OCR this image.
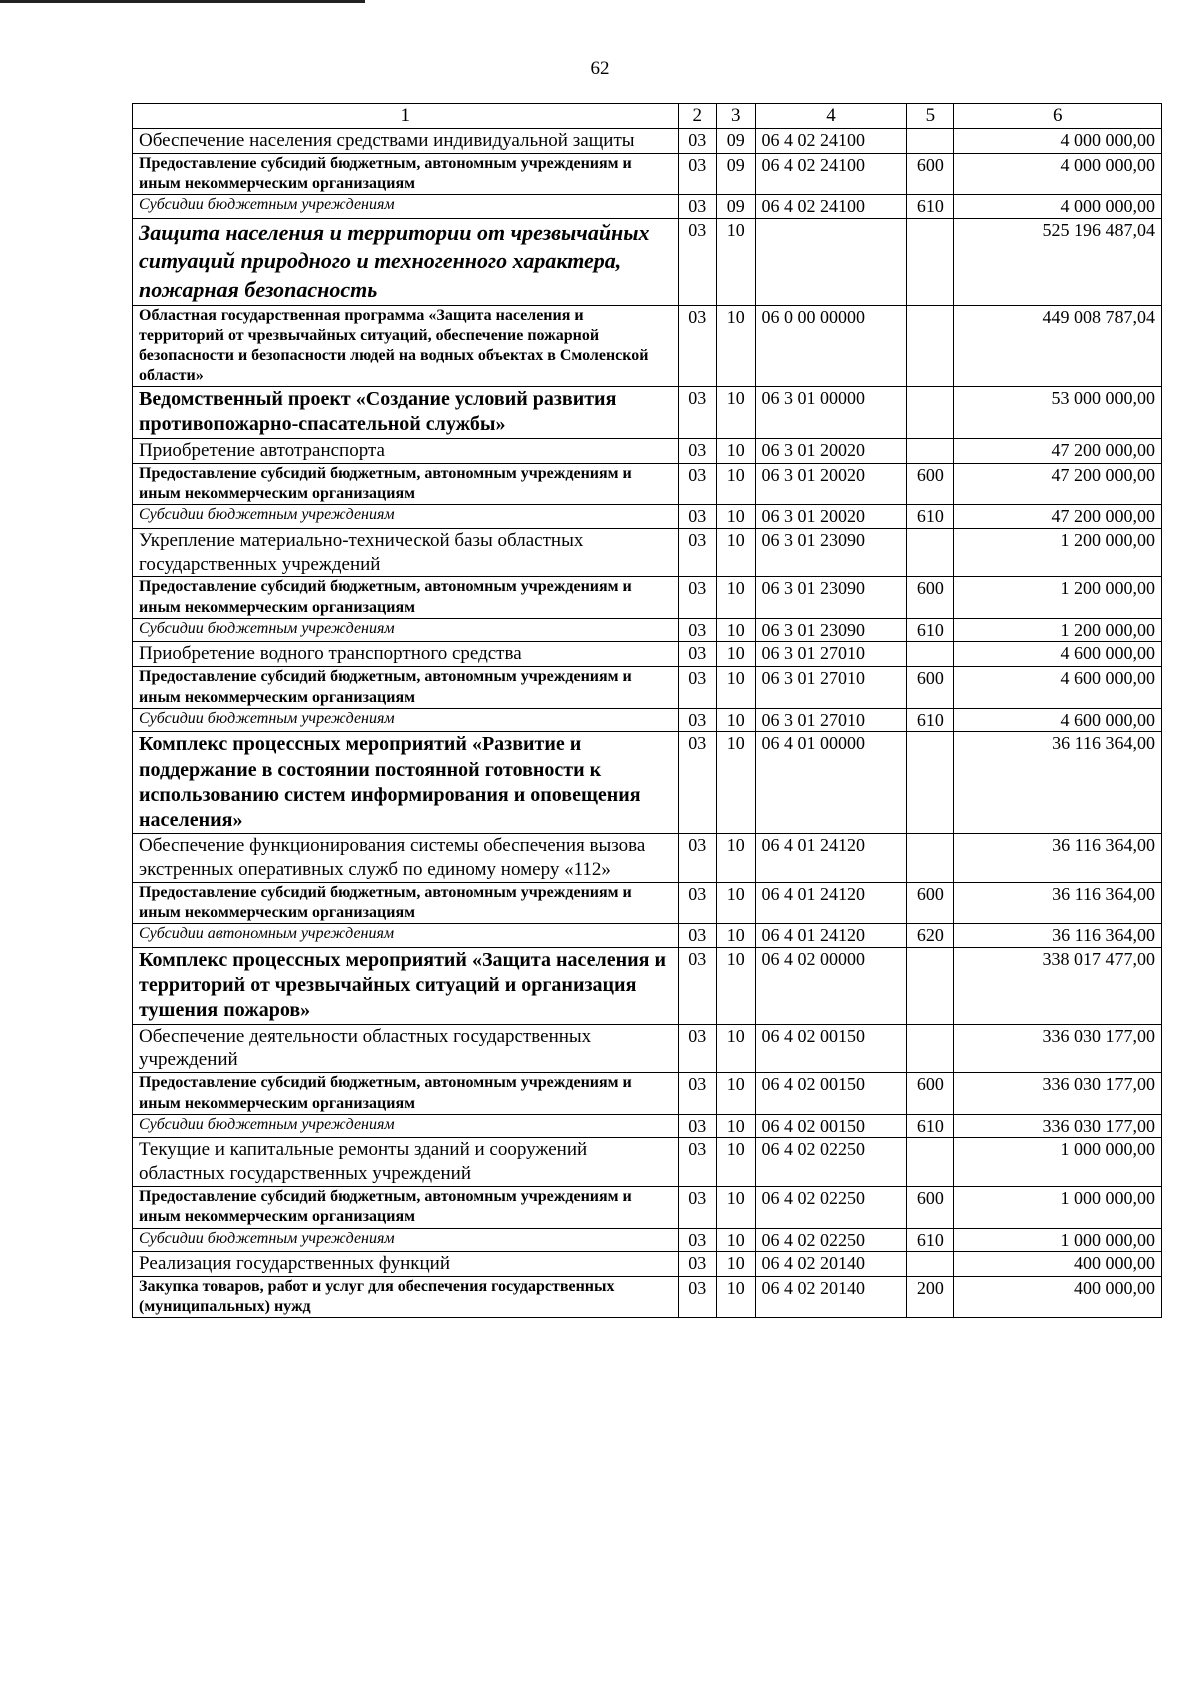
62
1	2	3	4	5	6
Обеспечение населения средствами индивидуальной защиты	03	09	06 4 02 24100		4 000 000,00
Предоставление субсидий бюджетным, автономным учреждениям и иным некоммерческим организациям	03	09	06 4 02 24100	600	4 000 000,00
Субсидии бюджетным учреждениям	03	09	06 4 02 24100	610	4 000 000,00
Защита населения и территории от чрезвычайных ситуаций природного и техногенного характера, пожарная безопасность	03	10			525 196 487,04
Областная государственная программа «Защита населения и территорий от чрезвычайных ситуаций, обеспечение пожарной безопасности и безопасности людей на водных объектах в Смоленской области»	03	10	06 0 00 00000		449 008 787,04
Ведомственный проект «Создание условий развития противопожарно-спасательной службы»	03	10	06 3 01 00000		53 000 000,00
Приобретение автотранспорта	03	10	06 3 01 20020		47 200 000,00
Предоставление субсидий бюджетным, автономным учреждениям и иным некоммерческим организациям	03	10	06 3 01 20020	600	47 200 000,00
Субсидии бюджетным учреждениям	03	10	06 3 01 20020	610	47 200 000,00
Укрепление материально-технической базы областных государственных учреждений	03	10	06 3 01 23090		1 200 000,00
Предоставление субсидий бюджетным, автономным учреждениям и иным некоммерческим организациям	03	10	06 3 01 23090	600	1 200 000,00
Субсидии бюджетным учреждениям	03	10	06 3 01 23090	610	1 200 000,00
Приобретение водного транспортного средства	03	10	06 3 01 27010		4 600 000,00
Предоставление субсидий бюджетным, автономным учреждениям и иным некоммерческим организациям	03	10	06 3 01 27010	600	4 600 000,00
Субсидии бюджетным учреждениям	03	10	06 3 01 27010	610	4 600 000,00
Комплекс процессных мероприятий «Развитие и поддержание в состоянии постоянной готовности к использованию систем информирования и оповещения населения»	03	10	06 4 01 00000		36 116 364,00
Обеспечение функционирования системы обеспечения вызова экстренных оперативных служб по единому номеру «112»	03	10	06 4 01 24120		36 116 364,00
Предоставление субсидий бюджетным, автономным учреждениям и иным некоммерческим организациям	03	10	06 4 01 24120	600	36 116 364,00
Субсидии автономным учреждениям	03	10	06 4 01 24120	620	36 116 364,00
Комплекс процессных мероприятий «Защита населения и территорий от чрезвычайных ситуаций и организация тушения пожаров»	03	10	06 4 02 00000		338 017 477,00
Обеспечение деятельности областных государственных учреждений	03	10	06 4 02 00150		336 030 177,00
Предоставление субсидий бюджетным, автономным учреждениям и иным некоммерческим организациям	03	10	06 4 02 00150	600	336 030 177,00
Субсидии бюджетным учреждениям	03	10	06 4 02 00150	610	336 030 177,00
Текущие и капитальные ремонты зданий и сооружений областных государственных учреждений	03	10	06 4 02 02250		1 000 000,00
Предоставление субсидий бюджетным, автономным учреждениям и иным некоммерческим организациям	03	10	06 4 02 02250	600	1 000 000,00
Субсидии бюджетным учреждениям	03	10	06 4 02 02250	610	1 000 000,00
Реализация государственных функций	03	10	06 4 02 20140		400 000,00
Закупка товаров, работ и услуг для обеспечения государственных (муниципальных) нужд	03	10	06 4 02 20140	200	400 000,00
